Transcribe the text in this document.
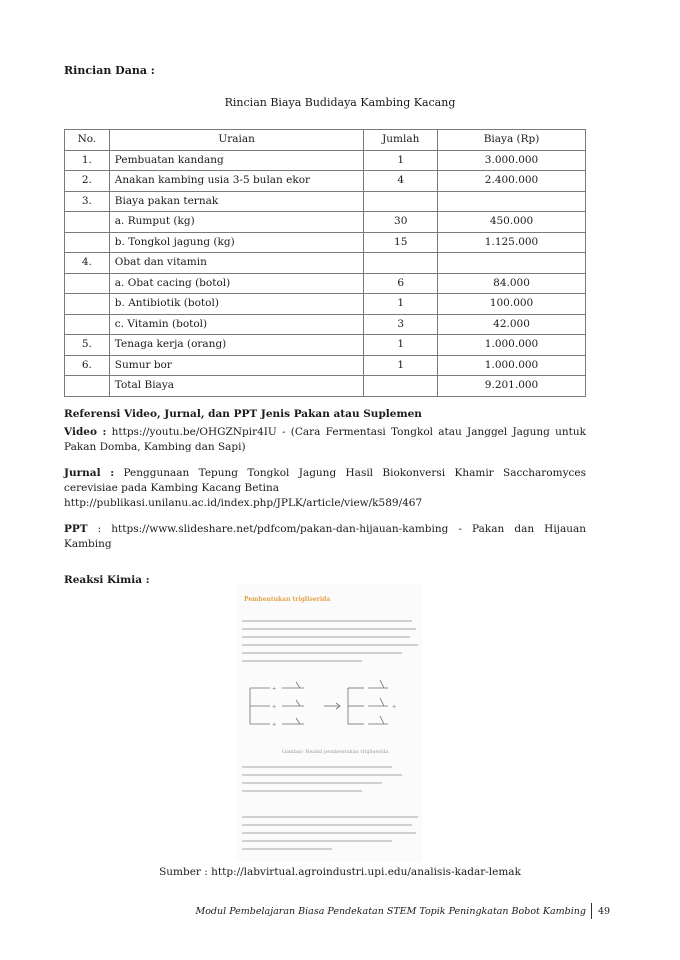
Rincian Dana :
Rincian Biaya Budidaya Kambing Kacang
No.	Uraian	Jumlah	Biaya (Rp)
1.	Pembuatan kandang	1	3.000.000
2.	Anakan kambing usia 3-5 bulan ekor	4	2.400.000
3.	Biaya pakan ternak		
	a. Rumput (kg)	30	450.000
	b. Tongkol jagung (kg)	15	1.125.000
4.	Obat dan vitamin		
	a. Obat cacing (botol)	6	84.000
	b. Antibiotik (botol)	1	100.000
	c. Vitamin (botol)	3	42.000
5.	Tenaga kerja (orang)	1	1.000.000
6.	Sumur bor	1	1.000.000
	Total Biaya		9.201.000
Referensi Video, Jurnal, dan PPT Jenis Pakan atau Suplemen
Video : https://youtu.be/OHGZNpir4IU - (Cara Fermentasi Tongkol atau Janggel Jagung untuk Pakan Domba, Kambing dan Sapi)
Jurnal : Penggunaan Tepung Tongkol Jagung Hasil Biokonversi Khamir Saccharomyces cerevisiae pada Kambing Kacang Betina
http://publikasi.unilanu.ac.id/index.php/JPLK/article/view/k589/467
PPT : https://www.slideshare.net/pdfcom/pakan-dan-hijauan-kambing - Pakan dan Hijauan Kambing
Reaksi Kimia :
Pembentukan trigliserida
+
+
+
+
Gambar: Reaksi pembentukan trigliserida
Sumber : http://labvirtual.agroindustri.upi.edu/analisis-kadar-lemak
Modul Pembelajaran Biasa Pendekatan STEM Topik Peningkatan Bobot Kambing 49
